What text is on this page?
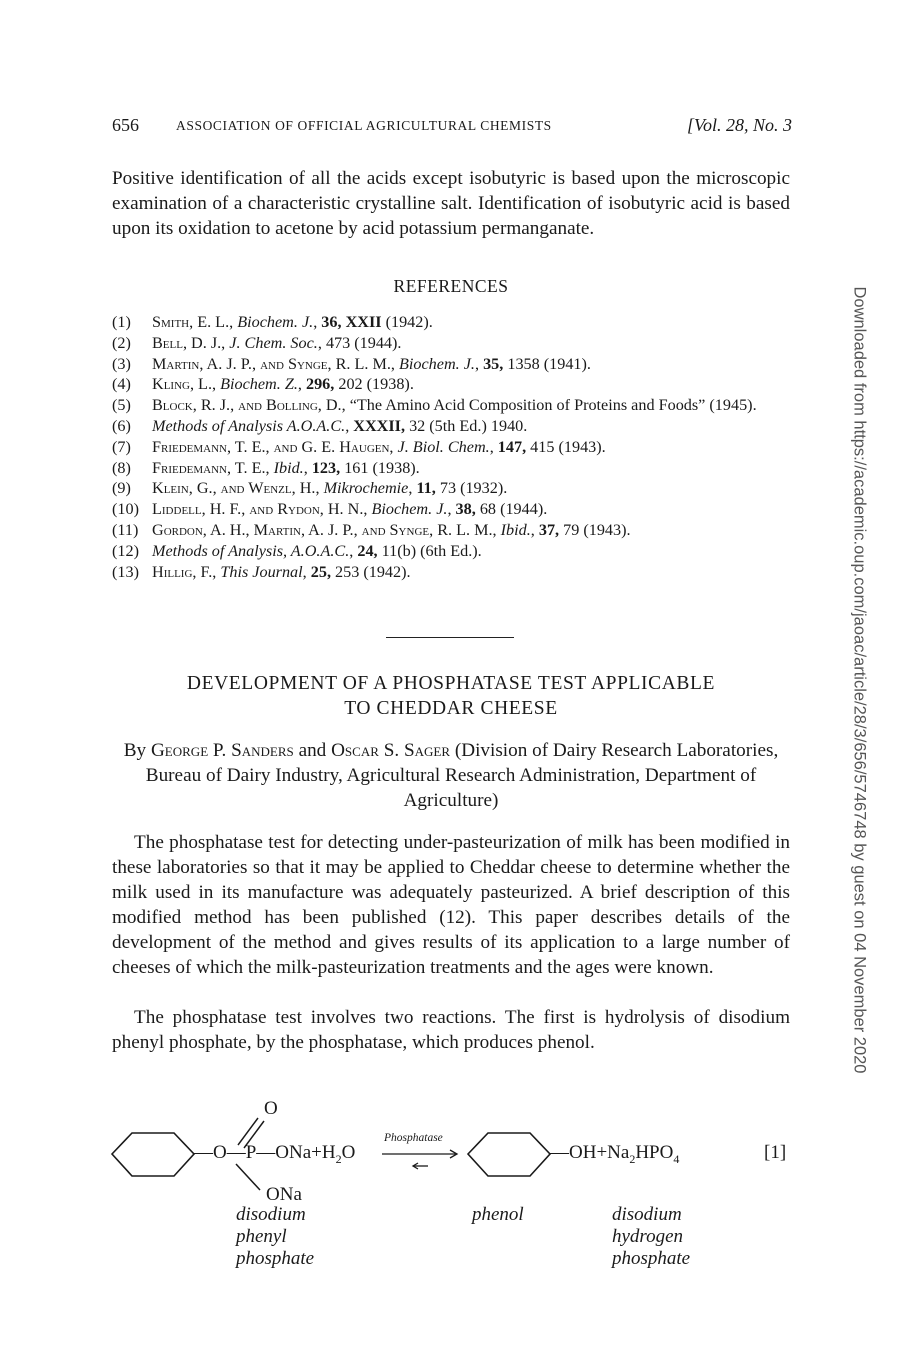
656	ASSOCIATION OF OFFICIAL AGRICULTURAL CHEMISTS	[Vol. 28, No. 3
Positive identification of all the acids except isobutyric is based upon the microscopic examination of a characteristic crystalline salt. Identification of isobutyric acid is based upon its oxidation to acetone by acid potassium permanganate.
REFERENCES
(1)	Smith, E. L., Biochem. J., 36, XXII (1942).
(2)	Bell, D. J., J. Chem. Soc., 473 (1944).
(3)	Martin, A. J. P., and Synge, R. L. M., Biochem. J., 35, 1358 (1941).
(4)	Kling, L., Biochem. Z., 296, 202 (1938).
(5)	Block, R. J., and Bolling, D., “The Amino Acid Composition of Proteins and Foods” (1945).
(6)	Methods of Analysis A.O.A.C., XXXII, 32 (5th Ed.) 1940.
(7)	Friedemann, T. E., and G. E. Haugen, J. Biol. Chem., 147, 415 (1943).
(8)	Friedemann, T. E., Ibid., 123, 161 (1938).
(9)	Klein, G., and Wenzl, H., Mikrochemie, 11, 73 (1932).
(10) Liddell, H. F., and Rydon, H. N., Biochem. J., 38, 68 (1944).
(11) Gordon, A. H., Martin, A. J. P., and Synge, R. L. M., Ibid., 37, 79 (1943).
(12) Methods of Analysis, A.O.A.C., 24, 11(b) (6th Ed.).
(13) Hillig, F., This Journal, 25, 253 (1942).
DEVELOPMENT OF A PHOSPHATASE TEST APPLICABLE
TO CHEDDAR CHEESE
By George P. Sanders and Oscar S. Sager (Division of Dairy Research Laboratories, Bureau of Dairy Industry, Agricultural Research Administration, Department of Agriculture)
The phosphatase test for detecting under-pasteurization of milk has been modified in these laboratories so that it may be applied to Cheddar cheese to determine whether the milk used in its manufacture was adequately pasteurized. A brief description of this modified method has been published (12). This paper describes details of the development of the method and gives results of its application to a large number of cheeses of which the milk-pasteurization treatments and the ages were known.
The phosphatase test involves two reactions. The first is hydrolysis of disodium phenyl phosphate, by the phosphatase, which produces phenol.
O
$—O—P—ONa+H_2O$
ONa
Phosphatase
$—OH+Na_2HPO_4$	[1]
disodium
phenyl
phosphate
phenol	disodium
hydrogen
phosphate
Downloaded from https://academic.oup.com/jaoac/article/28/3/656/5746748 by guest on 04 November 2020
